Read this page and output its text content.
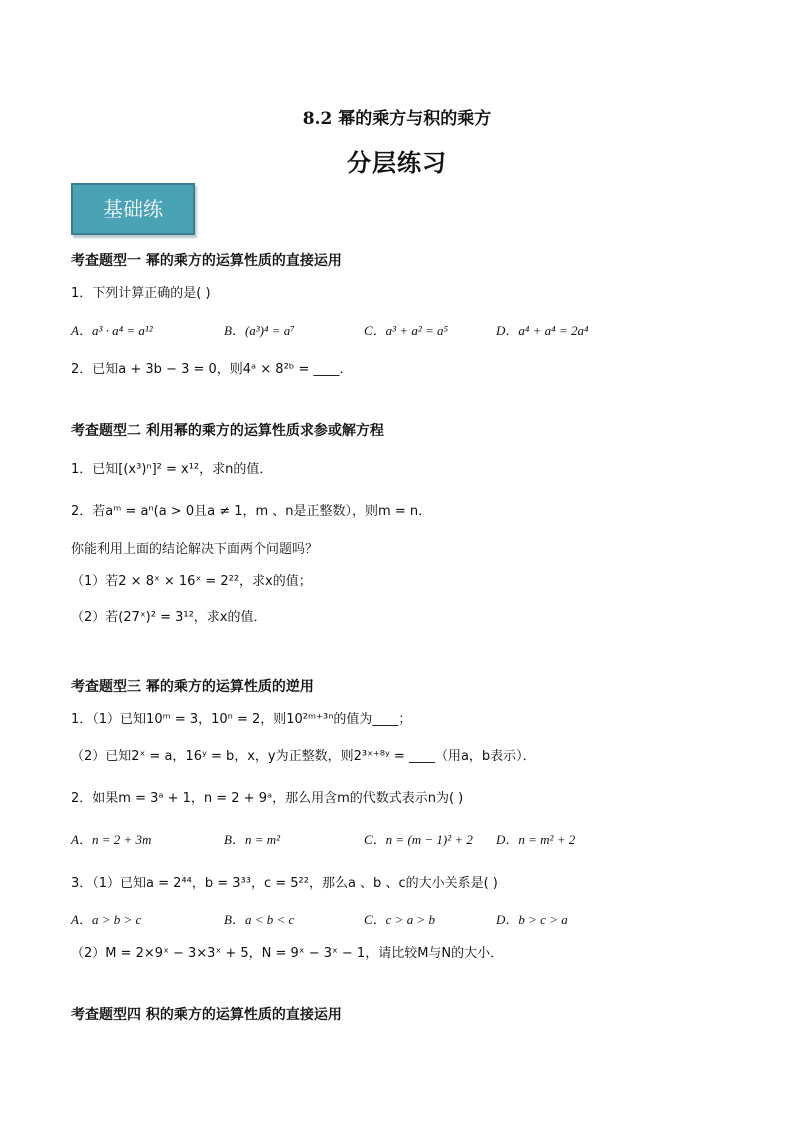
8.2 幂的乘方与积的乘方
分层练习
基础练
考查题型一 幂的乘方的运算性质的直接运用
1．下列计算正确的是( )
A．a³ · a⁴ = a¹²	B．(a³)⁴ = a⁷	C．a³ + a² = a⁵	D．a⁴ + a⁴ = 2a⁴
2．已知a + 3b − 3 = 0，则4ᵃ × 8²ᵇ = ____．
考查题型二 利用幂的乘方的运算性质求参或解方程
1．已知[(x³)ⁿ]² = x¹²，求n的值．
2．若aᵐ = aⁿ(a > 0且a ≠ 1，m 、n是正整数），则m = n．
你能利用上面的结论解决下面两个问题吗？
（1）若2 × 8ˣ × 16ˣ = 2²²，求x的值；
（2）若(27ˣ)² = 3¹²，求x的值．
考查题型三 幂的乘方的运算性质的逆用
1．（1）已知10ᵐ = 3，10ⁿ = 2，则10²ᵐ⁺³ⁿ的值为____；
（2）已知2ˣ = a，16ʸ = b，x，y为正整数，则2³ˣ⁺⁸ʸ = ____（用a，b表示）．
2．如果m = 3ᵃ + 1，n = 2 + 9ᵃ，那么用含m的代数式表示n为( )
A．n = 2 + 3m	B．n = m²	C．n = (m − 1)² + 2 D．n = m² + 2
3．（1）已知a = 2⁴⁴，b = 3³³，c = 5²²，那么a 、b 、c的大小关系是( )
A．a > b > c	B．a < b < c	C．c > a > b	D．b > c > a
（2）M = 2×9ˣ − 3×3ˣ + 5，N = 9ˣ − 3ˣ − 1，请比较M与N的大小．
考查题型四 积的乘方的运算性质的直接运用
